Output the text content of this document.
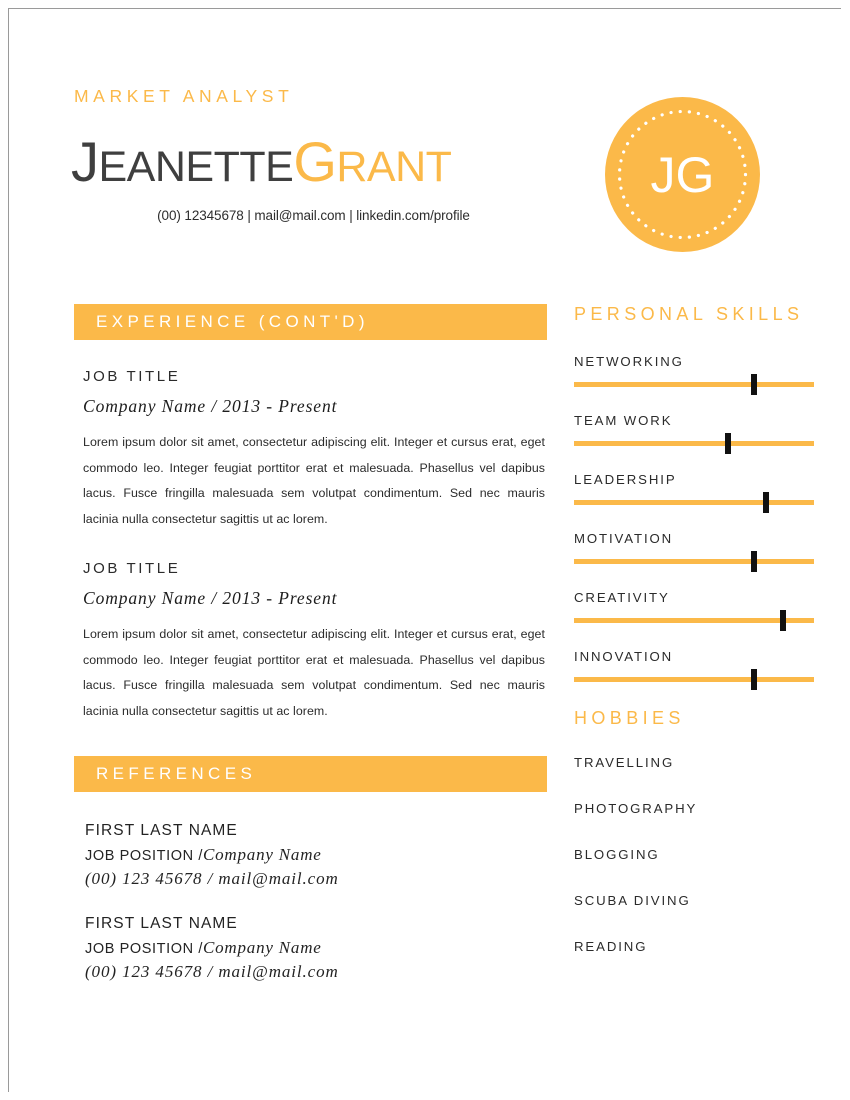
MARKET ANALYST
JEANETTEGRANT
(00) 12345678 | mail@mail.com | linkedin.com/profile
J G
EXPERIENCE (CONT'D)
JOB TITLE
Company Name / 2013 - Present
Lorem ipsum dolor sit amet, consectetur adipiscing elit. Integer et cursus erat, eget commodo leo. Integer feugiat porttitor erat et malesuada. Phasellus vel dapibus lacus. Fusce fringilla malesuada sem volutpat condimentum. Sed nec mauris lacinia nulla consectetur sagittis ut ac lorem.
JOB TITLE
Company Name / 2013 - Present
Lorem ipsum dolor sit amet, consectetur adipiscing elit. Integer et cursus erat, eget commodo leo. Integer feugiat porttitor erat et malesuada. Phasellus vel dapibus lacus. Fusce fringilla malesuada sem volutpat condimentum. Sed nec mauris lacinia nulla consectetur sagittis ut ac lorem.
REFERENCES
FIRST LAST NAME
JOB POSITION /Company Name
(00) 123 45678 / mail@mail.com
FIRST LAST NAME
JOB POSITION /Company Name
(00) 123 45678 / mail@mail.com
PERSONAL SKILLS
NETWORKING
TEAM WORK
LEADERSHIP
MOTIVATION
CREATIVITY
INNOVATION
HOBBIES
TRAVELLING
PHOTOGRAPHY
BLOGGING
SCUBA DIVING
READING
